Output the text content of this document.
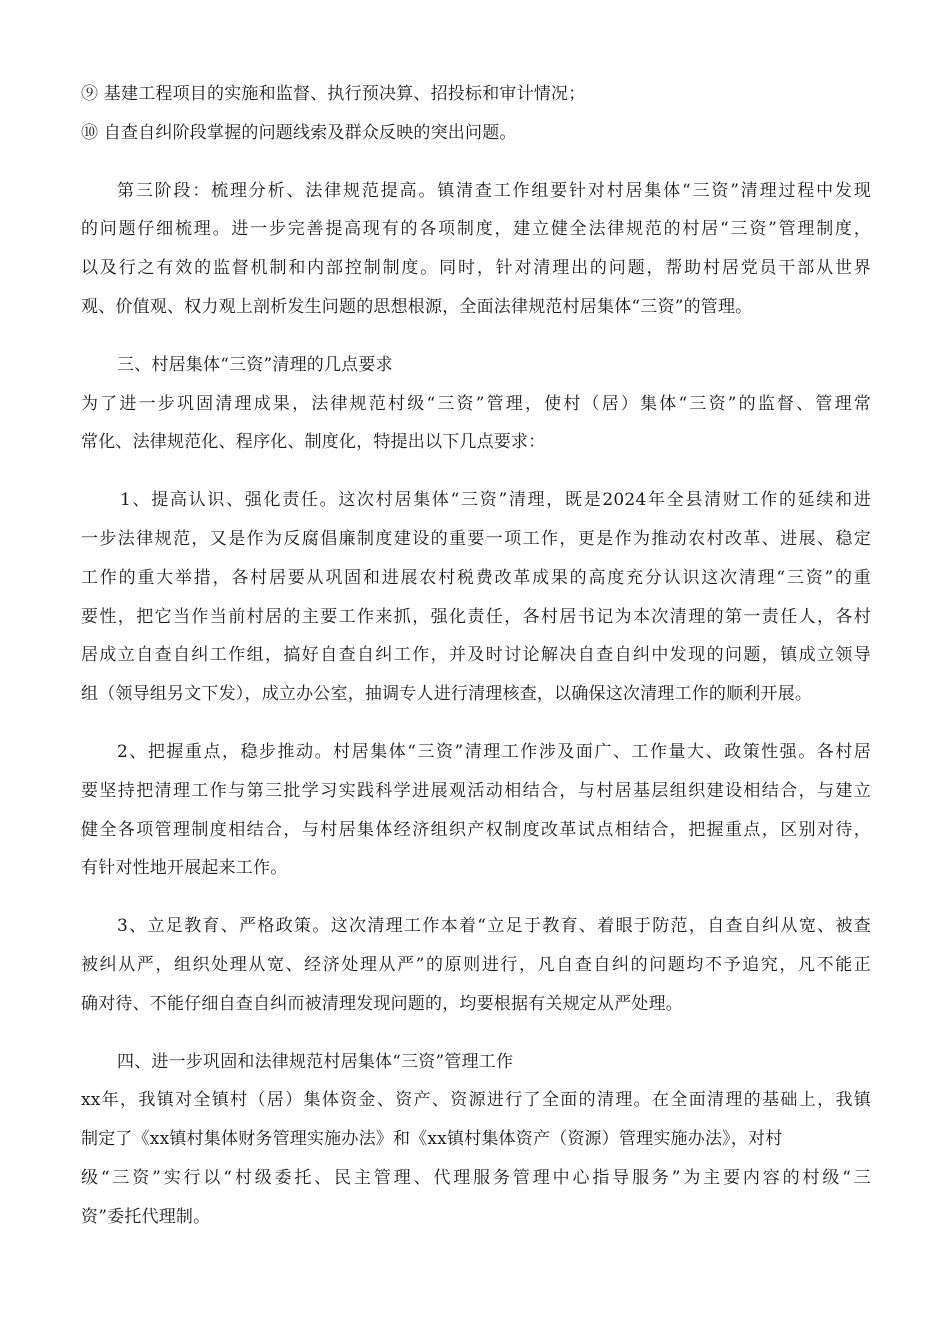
⑨ 基建工程项目的实施和监督、执行预决算、招投标和审计情况；
⑩ 自查自纠阶段掌握的问题线索及群众反映的突出问题。
第三阶段：梳理分析、法律规范提高。镇清查工作组要针对村居集体“三资”清理过程中发现
的问题仔细梳理。进一步完善提高现有的各项制度，建立健全法律规范的村居“三资”管理制度，
以及行之有效的监督机制和内部控制制度。同时，针对清理出的问题，帮助村居党员干部从世界
观、价值观、权力观上剖析发生问题的思想根源，全面法律规范村居集体“三资”的管理。
三、村居集体“三资”清理的几点要求
为了进一步巩固清理成果，法律规范村级“三资”管理，使村（居）集体“三资”的监督、管理常
常化、法律规范化、程序化、制度化，特提出以下几点要求：
1、提高认识、强化责任。这次村居集体“三资”清理，既是2024年全县清财工作的延续和进
一步法律规范，又是作为反腐倡廉制度建设的重要一项工作，更是作为推动农村改革、进展、稳定
工作的重大举措，各村居要从巩固和进展农村税费改革成果的高度充分认识这次清理“三资”的重
要性，把它当作当前村居的主要工作来抓，强化责任，各村居书记为本次清理的第一责任人，各村
居成立自查自纠工作组，搞好自查自纠工作，并及时讨论解决自查自纠中发现的问题，镇成立领导
组（领导组另文下发），成立办公室，抽调专人进行清理核查，以确保这次清理工作的顺利开展。
2、把握重点，稳步推动。村居集体“三资”清理工作涉及面广、工作量大、政策性强。各村居
要坚持把清理工作与第三批学习实践科学进展观活动相结合，与村居基层组织建设相结合，与建立
健全各项管理制度相结合，与村居集体经济组织产权制度改革试点相结合，把握重点，区别对待，
有针对性地开展起来工作。
3、立足教育、严格政策。这次清理工作本着“立足于教育、着眼于防范，自查自纠从宽、被查
被纠从严，组织处理从宽、经济处理从严”的原则进行，凡自查自纠的问题均不予追究，凡不能正
确对待、不能仔细自查自纠而被清理发现问题的，均要根据有关规定从严处理。
四、进一步巩固和法律规范村居集体“三资”管理工作
xx年，我镇对全镇村（居）集体资金、资产、资源进行了全面的清理。在全面清理的基础上，我镇
制定了《xx镇村集体财务管理实施办法》和《xx镇村集体资产（资源）管理实施办法》，对村
级“三资”实行以“村级委托、民主管理、代理服务管理中心指导服务”为主要内容的村级“三
资”委托代理制。
